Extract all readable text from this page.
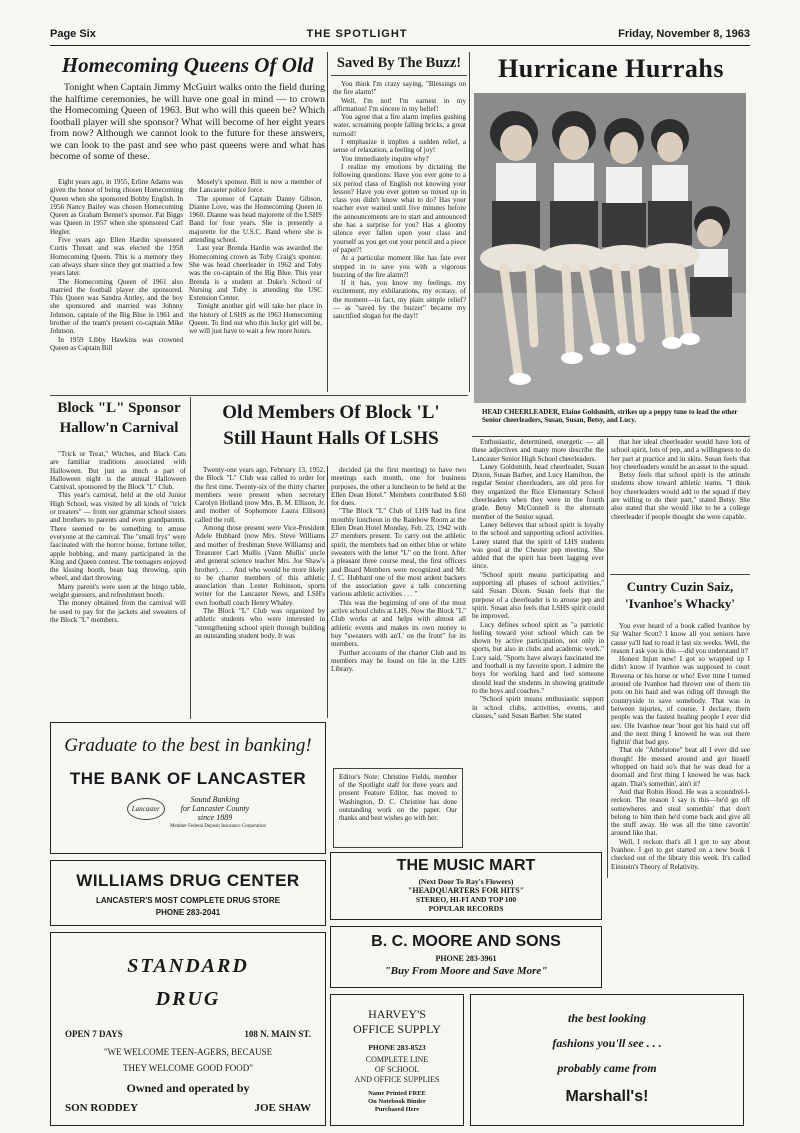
Page Six	THE SPOTLIGHT	Friday, November 8, 1963
Homecoming Queens Of Old
Tonight when Captain Jimmy McGuirt walks onto the field during the halftime ceremonies, he will have one goal in mind — to crown the Homecoming Queen of 1963. But who will this queen be? Which football player will she sponsor? What will become of her eight years from now? Although we cannot look to the future for these answers, we can look to the past and see who past queens were and what has become of some of these.

Eight years ago, in 1955, Erline Adams was given the honor of being chosen Homecoming Queen when she sponsored Bobby English. In 1956 Nancy Bailey was chosen Homecoming Queen as Graham Bennet's sponsor. Pat Biggs was Queen in 1957 when she sponsored Carl Hegler.

Five years ago Ellen Hardin sponsored Curtis Threatt and was elected the 1958 Homecoming Queen. This is a memory they can always share since they got married a few years later.

The Homecoming Queen of 1961 also married the football player she sponsored. This Queen was Sandra Antley, and the boy she sponsored and married was Johnny Johnson, captain of the Big Blue in 1961 and brother of the team's present co-captain Mike Johnson.

In 1959 Libby Hawkins was crowned Queen as Captain Bill

Mosely's sponsor. Bill is now a member of the Lancaster police force.

The sponsor of Captain Danny Gibson, Dianne Love, was the Homecoming Queen in 1960. Dianne was head majorette of the LSHS Band for four years. She is presently a majorette for the U.S.C. Band where she is attending school.

Last year Brenda Hardin was awarded the Homecoming crown as Toby Craig's sponsor. She was head cheerleader in 1962 and Toby was the co-captain of the Big Blue. This year Brenda is a student at Duke's School of Nursing and Toby is attending the USC Extension Center.

Tonight another girl will take her place in the history of LSHS as the 1963 Homecoming Queen. To find out who this lucky girl will be, we will just have to wait a few more hours.

Saved By The Buzz!

You think I'm crazy saying, "Blessings on the fire alarm!"

Well, I'm not! I'm earnest in my affirmation! I'm sincere in my belief!

You agree that a fire alarm implies gushing water, screaming people falling bricks, a great turmoil!

I emphasize it implies a sudden relief, a sense of relaxation, a feeling of joy!

You immediately inquire why?

I realize my emotions by dictating the following questions: Have you ever gone to a six period class of English not knowing your lesson? Have you ever gotten so mixed up in class you didn't know what to do? Has your teacher ever waited until five minutes before the announcements are to start and announced she has a surprise for you? Has a gloomy silence ever fallen upon your class and yourself as you get out your pencil and a piece of paper?!

At a particular moment like has fate ever stepped in to save you with a vigorous buzzing of the fire alarm?!

If it has, you know my feelings, my excitement, my exhilarations, my ecstasy, of the moment—in fact, my plain simple relief? — as "saved by the buzzer" became my sanctified slogan for the day!!

Hurricane Hurrahs
HEAD CHEERLEADER, Elaine Goldsmith, strikes up a peppy tune to lead the other Senior cheerleaders, Susan, Susan, Betsy, and Lucy.

Enthusiastic, determined, energetic — all these adjectives and many more describe the Lancaster Senior High School cheerleaders.

Laney Goldsmith, head cheerleader, Susan Dixon, Susan Barber, and Lucy Hamilton, the regular Senior cheerleaders, are old pros for they organized the Rice Elementary School cheerleaders when they were in the fourth grade. Betsy McConnell is the alternate member of the Senior squad.

Laney believes that school spirit is loyalty to the school and supporting school activities. Laney stated that the spirit of LHS students was good at the Chester pep meeting. She added that the spirit has been lagging ever since.

"School spirit means participating and supporting all phases of school activities," said Susan Dixon. Susan feels that the purpose of a cheerleader is to arouse pep and spirit. Susan also feels that LSHS spirit could be improved.

Lucy defines school spirit as "a patriotic feeling toward your school which can be shown by active participation, not only in sports, but also in clubs and academic work." Lucy said, "Sports have always fascinated me and football is my favorite sport. I admire the boys for working hard and feel someone should lead the students in showing gratitude to the boys and coaches."

"School spirit means enthusiastic support in school clubs, activities, events, and classes," said Susan Barber. She stated

that her ideal cheerleader would have lots of school spirit, lots of pep, and a willingness to do her part at practice and in skits. Susan feels that boy cheerleaders would be an asset to the squad.

Betsy feels that school spirit is the attitude students show toward athletic teams. "I think boy cheerleaders would add to the squad if they are willing to do their part," stated Betsy. She also stated that she would like to be a college cheerleader if people thought she were capable.

Cuntry Cuzin Saiz,
'Ivanhoe's Whacky'

You ever heard of a book called Ivanhoe by Sir Walter Scott? I know all you seniors have cause ya'll had to read it last six weeks. Well, the reason I ask you is this —did you understand it?

Honest Injun now! I got so wrapped up I didn't know if Ivanhoe was supposed to court Rowena or his horse or who! Ever time I turned around ole Ivanhoe had thrown one of them tin pots on his haid and was riding off through the countryside to save somebody. That was in between injuries, of course. I declare, them people was the fastest healing people I ever did see. Ole Ivanhoe near 'bout got his haid cut off and the next thing I knowed he was out there fightin' that bad guy.

That ole "Athelstone" beat all I ever did see though! He messed around and got hisself whopped on haid so's that he was dead for a doornail and first thing I knowed he was back again. That's somethin', ain't it?

And that Robin Hood. He was a scoundrel-I-reckon. The reason I say is this—he'd go off somewheres and steal somethin' that don't belong to him then he'd come back and give all the stuff away. He was all the time cavortin' around like that.

Well, I reckon that's all I got to say about Ivanhoe. I got to get started on a new book I checked out of the library this week. It's called Einstein's Theory of Relativity.

Block "L" Sponsor
Hallow'n Carnival

"Trick or Treat," Witches, and Black Cats are familiar traditions associated with Halloween. But just as much a part of Halloween night is the annual Halloween Carnival, sponsored by the Block "L" Club.

This year's carnival, held at the old Junior High School, was visited by all kinds of "trick or treaters" — from our grammar school sisters and brothers to parents and even grandparents. There seemed to be something to amuse everyone at the carnival. The "small frys" were fascinated with the horror house, fortune teller, apple bobbing, and many participated in the King and Queen contest. The teenagers enjoyed the kissing booth, bean bag throwing, spin wheel, and dart throwing.

Many parent's were seen at the bingo table, weight guessers, and refreshment booth.

The money obtained from the carnival will be used to pay for the jackets and sweaters of the Block "L" members.

Old Members Of Block 'L'
Still Haunt Halls Of LSHS

Twenty-one years ago, February 13, 1952, the Block "L" Club was called to order for the first time. Twenty-six of the thirty charter members were present when secretary Carolyn Holland (now Mrs. B. M. Ellison, Jr. and mother of Sophomore Laura Ellison) called the roll.

Among those present were Vice-President Adele Hubbard (now Mrs. Steve Williams and mother of freshman Steve Williams) and Treasurer Carl Mullis (Vann Mullis' uncle and general science teacher Mrs. Joe Shaw's brother). . . . And who would be more likely to be charter members of this athletic association than Lester Robinson, sports writer for the Lancaster News, and LSH's own football coach Henry Whaley.

The Block "L" Club was organized by athletic students who were interested in "strengthening school spirit through building an outstanding student body. It was

decided (at the first meeting) to have two meetings each month, one for business purposes, the other a luncheon to be held at the Ellen Dean Hotel." Members contributed $.60 for dues.

"The Block "L" Club of LHS had its first monthly luncheon in the Rainbow Room at the Ellen Dean Hotel Monday, Feb. 23, 1942 with 27 members present. To carry out the athletic spirit, the members had on either blue or white sweaters with the letter "L" on the front. After a pleasant three course meal, the first officers and Board Members were recognized and Mr. J. C. Hubbard one of the most ardent backers of the association gave a talk concerning various athletic activities . . . "

This was the beginning of one of the most active school clubs at LHS. Now the Block "L" Club works at and helps with almost all athletic events and makes its own money to buy "sweaters with an'L' on the front" for its members.

Further accounts of the charter Club and its members may be found on file in the LHS Library.

Editor's Note: Christine Fields, member of the Spotlight staff for three years and present Feature Editor, has moved to Washington, D. C. Christine has done outstanding work on the paper. Our thanks and best wishes go with her.
Graduate to the best in banking!
THE BANK OF LANCASTER
Lancaster
Sound Banking
for Lancaster County
since 1889
Member Federal Deposit Insurance Corporation
WILLIAMS DRUG CENTER
LANCASTER'S MOST COMPLETE DRUG STORE
PHONE 283-2041
STANDARD
DRUG
OPEN 7 DAYS	108 N. MAIN ST.
"WE WELCOME TEEN-AGERS, BECAUSE
THEY WELCOME GOOD FOOD"
Owned and operated by
SON RODDEY	JOE SHAW
THE MUSIC MART
(Next Door To Ray's Flowers)
"HEADQUARTERS FOR HITS"
STEREO, HI-FI AND TOP 100
POPULAR RECORDS
B. C. MOORE AND SONS
PHONE 283-3961
"Buy From Moore and Save More"
HARVEY'S
OFFICE SUPPLY
PHONE 283-8523
COMPLETE LINE
OF SCHOOL
AND OFFICE SUPPLIES
Name Printed FREE
On Notebook Binder
Purchased Here
the best looking
fashions you'll see . . .
probably came from
Marshall's!
